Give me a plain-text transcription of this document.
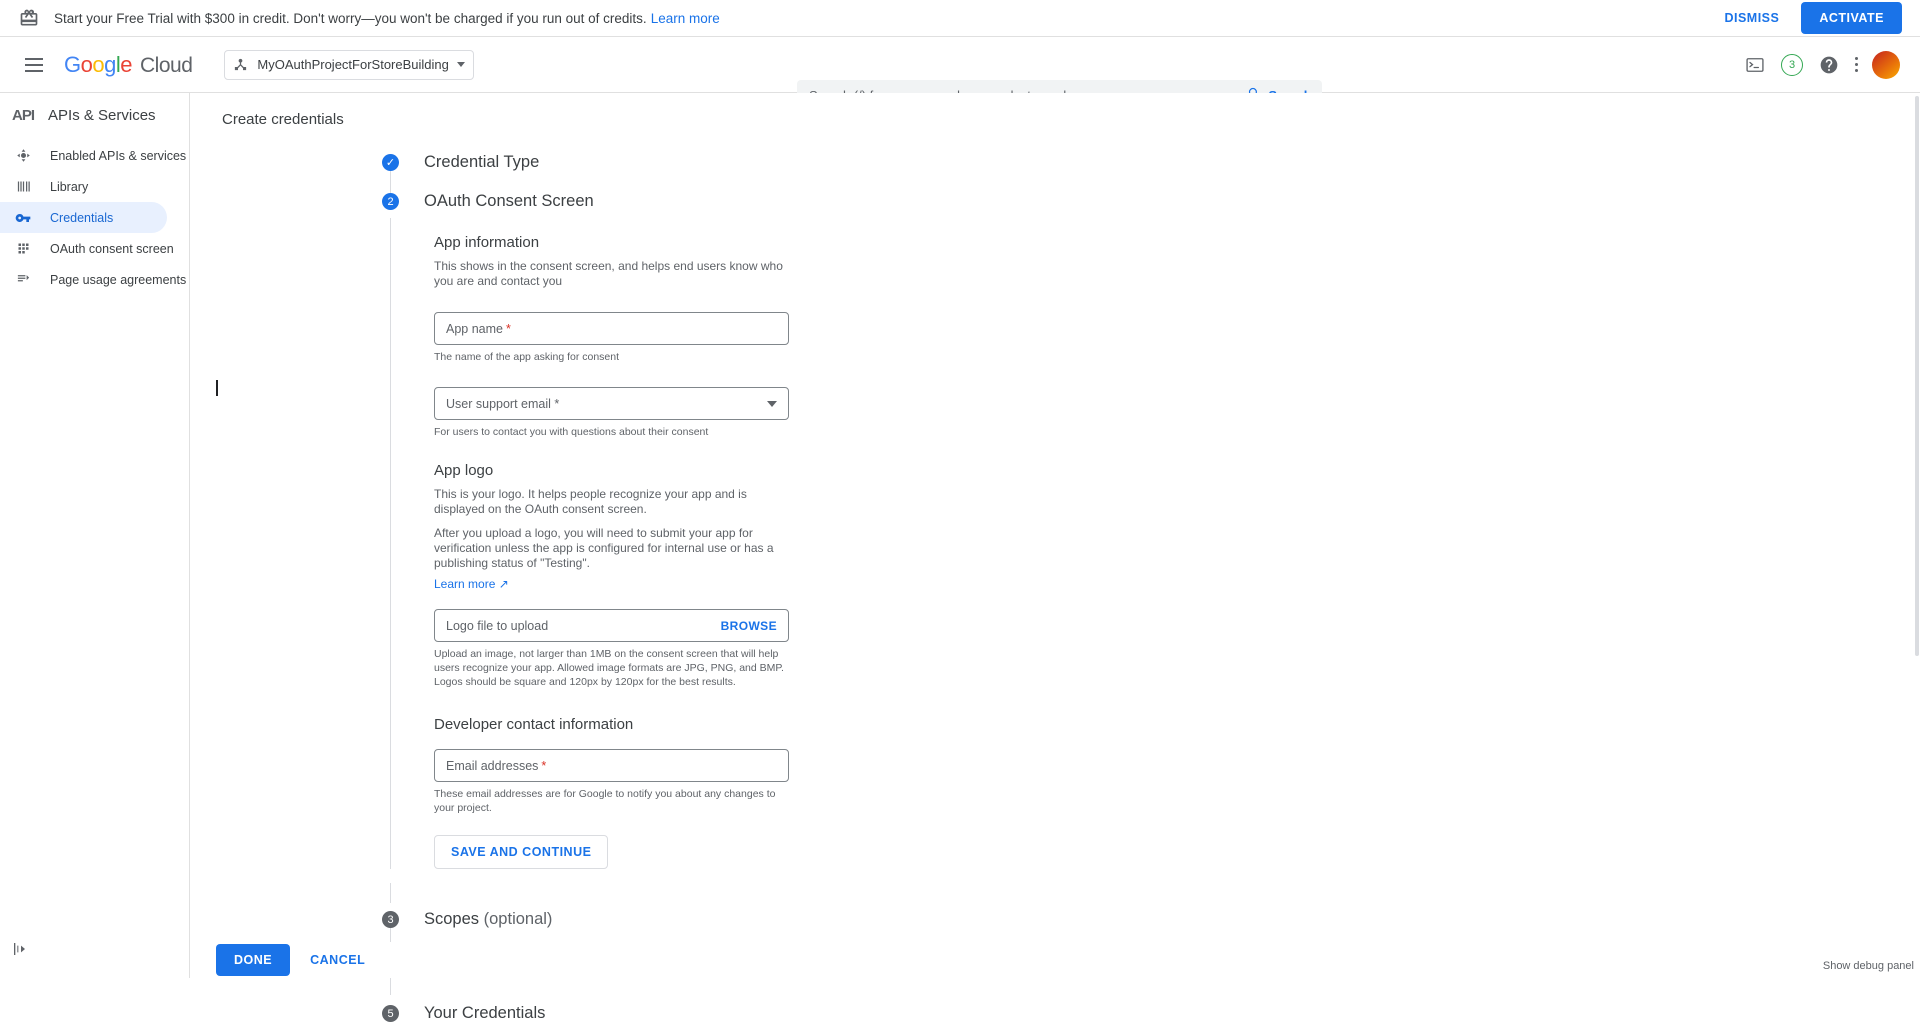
Start your Free Trial with $300 in credit. Don't worry—you won't be charged if you run out of credits. Learn more	DISMISS	ACTIVATE
G o o g l e Cloud	MyOAuthProjectForStoreBuilding	3
API APIs & Services
Enabled APIs & services
Library
Credentials
OAuth consent screen
Page usage agreements
Create credentials
✓ Credential Type
2	OAuth Consent Screen
App information

This shows in the consent screen, and helps end users know who you are and contact you

App name *
The name of the app asking for consent
User support email *
For users to contact you with questions about their consent
App logo

This is your logo. It helps people recognize your app and is displayed on the OAuth consent screen.

After you upload a logo, you will need to submit your app for verification unless the app is configured for internal use or has a publishing status of "Testing".

Learn more ↗
Logo file to upload	BROWSE
Upload an image, not larger than 1MB on the consent screen that will help users recognize your app. Allowed image formats are JPG, PNG, and BMP. Logos should be square and 120px by 120px for the best results.
Developer contact information
Email addresses *
These email addresses are for Google to notify you about any changes to your project.
SAVE AND CONTINUE
3	Scopes (optional)
5	Your Credentials
DONE	CANCEL	Show debug panel
